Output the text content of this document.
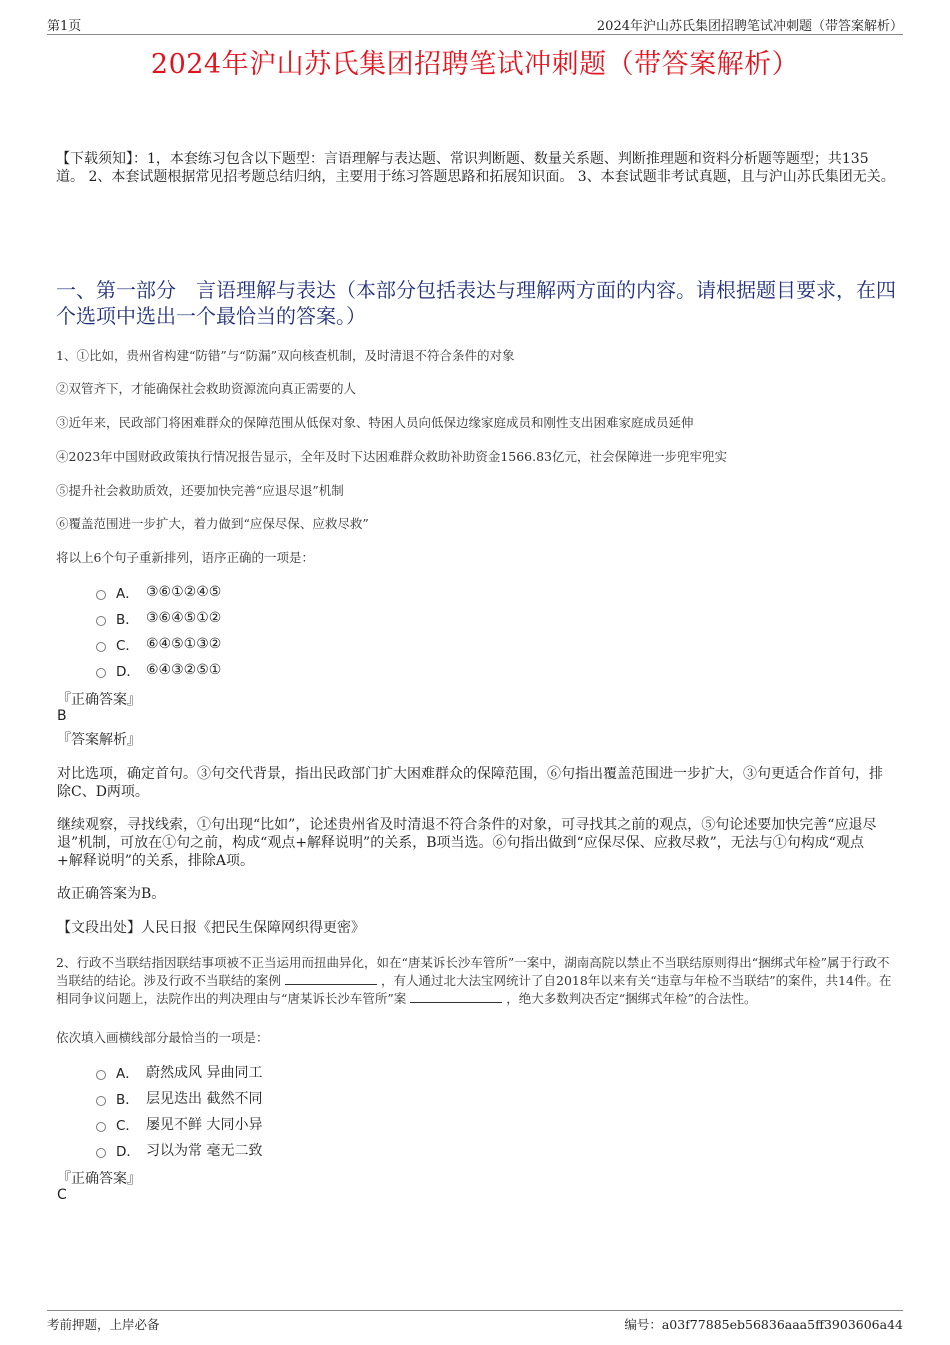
第1页	2024年沪山苏氏集团招聘笔试冲刺题（带答案解析）
2024年沪山苏氏集团招聘笔试冲刺题（带答案解析）
【下载须知】：1，本套练习包含以下题型：言语理解与表达题、常识判断题、数量关系题、判断推理题和资料分析题等题型；共135道。 2、本套试题根据常见招考题总结归纳，主要用于练习答题思路和拓展知识面。 3、本套试题非考试真题，且与沪山苏氏集团无关。
一、第一部分　言语理解与表达（本部分包括表达与理解两方面的内容。请根据题目要求，在四个选项中选出一个最恰当的答案。）
1、①比如，贵州省构建“防错”与“防漏”双向核查机制，及时清退不符合条件的对象
②双管齐下，才能确保社会救助资源流向真正需要的人
③近年来，民政部门将困难群众的保障范围从低保对象、特困人员向低保边缘家庭成员和刚性支出困难家庭成员延伸
④2023年中国财政政策执行情况报告显示，全年及时下达困难群众救助补助资金1566.83亿元，社会保障进一步兜牢兜实
⑤提升社会救助质效，还要加快完善“应退尽退”机制
⑥覆盖范围进一步扩大，着力做到“应保尽保、应救尽救”
将以上6个句子重新排列，语序正确的一项是：
A． ③⑥①②④⑤
B． ③⑥④⑤①②
C． ⑥④⑤①③②
D． ⑥④③②⑤①
『正确答案』
B
『答案解析』
对比选项，确定首句。③句交代背景，指出民政部门扩大困难群众的保障范围，⑥句指出覆盖范围进一步扩大，③句更适合作首句，排除C、D两项。
继续观察，寻找线索，①句出现“比如”，论述贵州省及时清退不符合条件的对象，可寻找其之前的观点，⑤句论述要加快完善“应退尽退”机制，可放在①句之前，构成“观点+解释说明”的关系，B项当选。⑥句指出做到“应保尽保、应救尽救”，无法与①句构成“观点+解释说明”的关系，排除A项。
故正确答案为B。
【文段出处】人民日报《把民生保障网织得更密》
2、行政不当联结指因联结事项被不正当运用而扭曲异化，如在“唐某诉长沙车管所”一案中，湖南高院以禁止不当联结原则得出“捆绑式年检”属于行政不当联结的结论。涉及行政不当联结的案例	，有人通过北大法宝网统计了自2018年以来有关“违章与年检不当联结”的案件，共14件。在相同争议问题上，法院作出的判决理由与“唐某诉长沙车管所”案	，绝大多数判决否定“捆绑式年检”的合法性。
依次填入画横线部分最恰当的一项是：
A． 蔚然成风 异曲同工
B． 层见迭出 截然不同
C． 屡见不鲜 大同小异
D． 习以为常 毫无二致
『正确答案』
C
考前押题，上岸必备	编号：a03f77885eb56836aaa5ff3903606a44
